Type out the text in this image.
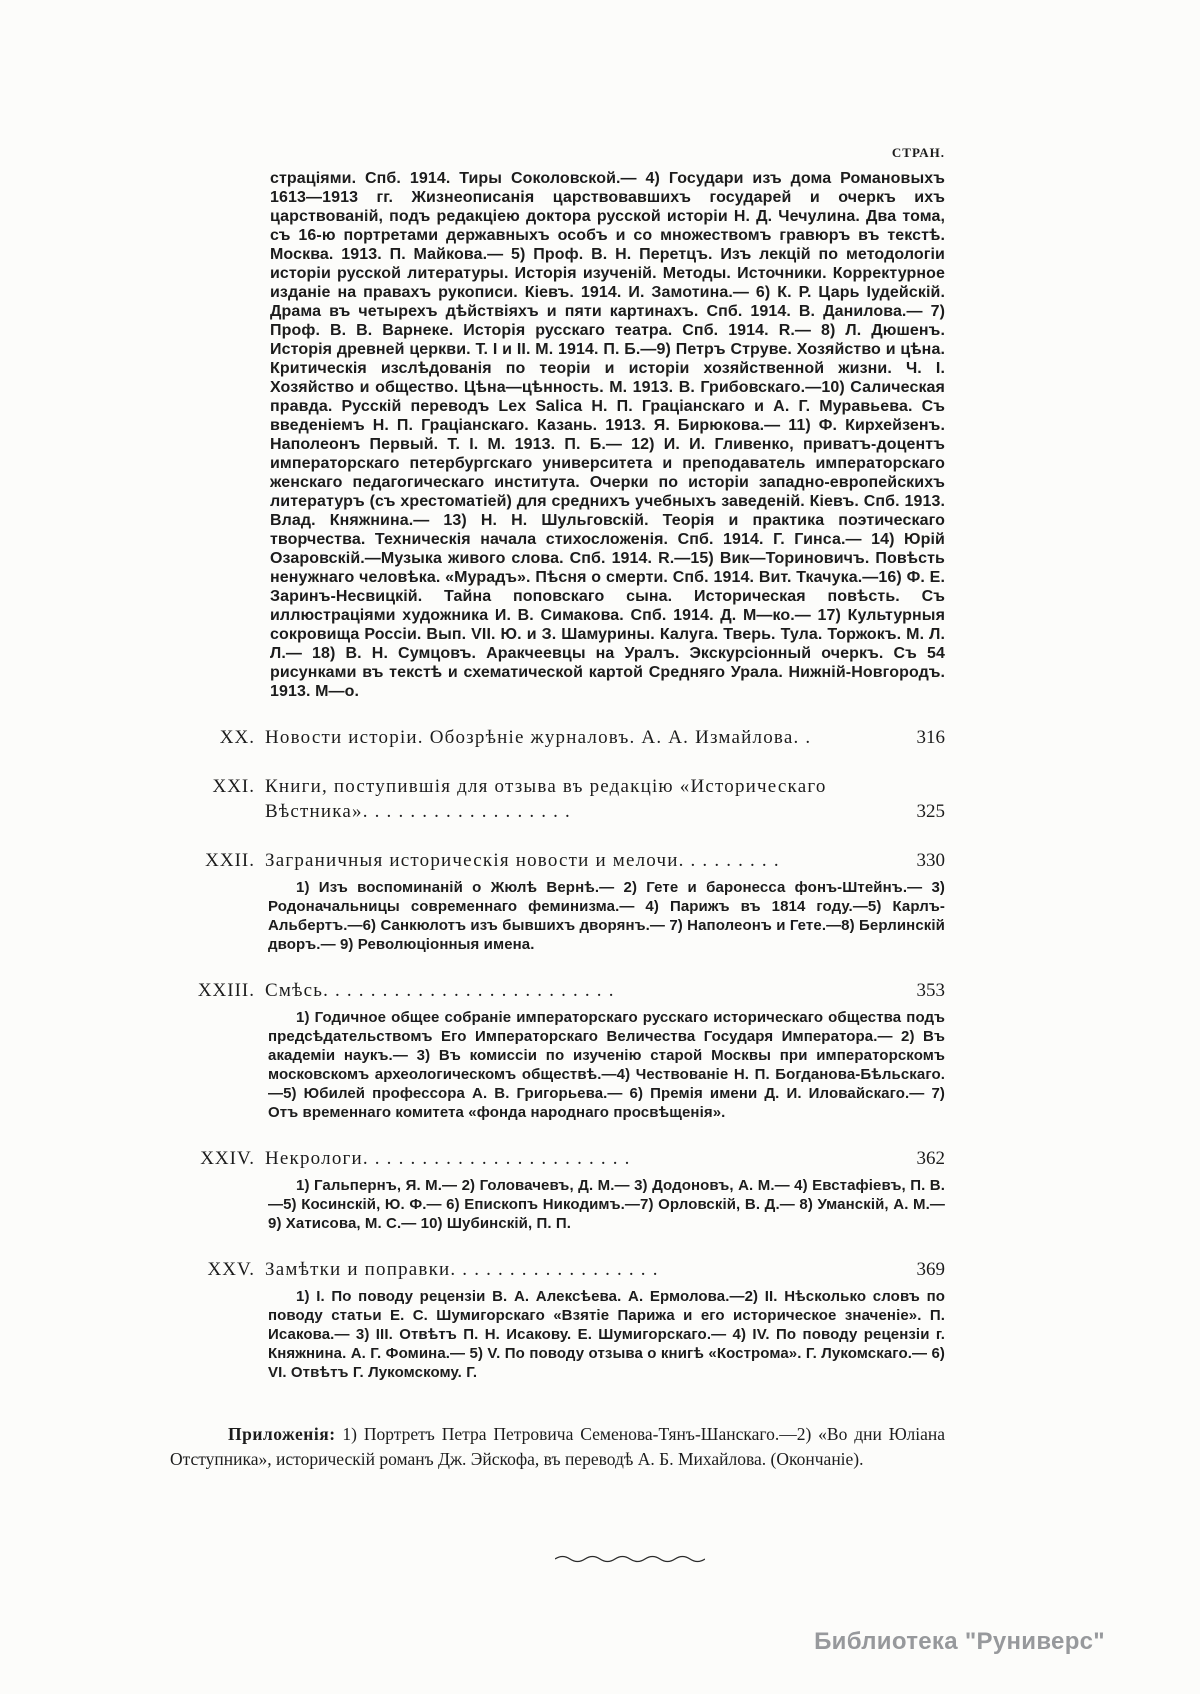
СТРАН.

страціями. Спб. 1914. Тиры Соколовской.— 4) Государи изъ дома Романовыхъ 1613—1913 гг. Жизнеописанія царствовавшихъ государей и очеркъ ихъ царствованій, подъ редакціею доктора русской исторіи Н. Д. Чечулина. Два тома, съ 16-ю портретами державныхъ особъ и со множествомъ гравюръ въ текстѣ. Москва. 1913. П. Майкова.— 5) Проф. В. Н. Перетцъ. Изъ лекцій по методологіи исторіи русской литературы. Исторія изученій. Методы. Источники. Корректурное изданіе на правахъ рукописи. Кіевъ. 1914. И. Замотина.— 6) К. Р. Царь Іудейскій. Драма въ четырехъ дѣйствіяхъ и пяти картинахъ. Спб. 1914. В. Данилова.— 7) Проф. В. В. Варнеке. Исторія русскаго театра. Спб. 1914. R.— 8) Л. Дюшенъ. Исторія древней церкви. Т. I и II. М. 1914. П. Б.—9) Петръ Струве. Хозяйство и цѣна. Критическія изслѣдованія по теоріи и исторіи хозяйственной жизни. Ч. I. Хозяйство и общество. Цѣна—цѣнность. М. 1913. В. Грибовскаго.—10) Салическая правда. Русскій переводъ Lex Salica Н. П. Граціанскаго и А. Г. Муравьева. Съ введеніемъ Н. П. Граціанскаго. Казань. 1913. Я. Бирюкова.— 11) Ф. Кирхейзенъ. Наполеонъ Первый. Т. I. М. 1913. П. Б.— 12) И. И. Гливенко, приватъ-доцентъ императорскаго петербургскаго университета и преподаватель императорскаго женскаго педагогическаго института. Очерки по исторіи западно-европейскихъ литературъ (съ хрестоматіей) для среднихъ учебныхъ заведеній. Кіевъ. Спб. 1913. Влад. Княжнина.— 13) Н. Н. Шульговскій. Теорія и практика поэтическаго творчества. Техническія начала стихосложенія. Спб. 1914. Г. Гинса.— 14) Юрій Озаровскій.—Музыка живого слова. Спб. 1914. R.—15) Вик—Ториновичъ. Повѣсть ненужнаго человѣка. «Мурадъ». Пѣсня о смерти. Спб. 1914. Вит. Ткачука.—16) Ф. Е. Заринъ-Несвицкій. Тайна поповскаго сына. Историческая повѣсть. Съ иллюстраціями художника И. В. Симакова. Спб. 1914. Д. М—ко.— 17) Культурныя сокровища Россіи. Вып. VII. Ю. и З. Шамурины. Калуга. Тверь. Тула. Торжокъ. М. Л. Л.— 18) В. Н. Сумцовъ. Аракчеевцы на Уралъ. Экскурсіонный очеркъ. Съ 54 рисунками въ текстѣ и схематической картой Средняго Урала. Нижній-Новгородъ. 1913. М—о.

XX. Новости исторіи. Обозрѣніе журналовъ. А. А. Измайлова. .	316
XXI. Книги, поступившія для отзыва въ редакцію «Историческаго Вѣстника». . . . . . . . . . . . . . . . . .	325
XXII. Заграничныя историческія новости и мелочи. . . . . . . . .	330
1) Изъ воспоминаній о Жюлѣ Вернѣ.— 2) Гете и баронесса фонъ-Штейнъ.— 3) Родоначальницы современнаго феминизма.— 4) Парижъ въ 1814 году.—5) Карлъ-Альбертъ.—6) Санкюлотъ изъ бывшихъ дворянъ.— 7) Наполеонъ и Гете.—8) Берлинскій дворъ.— 9) Революціонныя имена.
XXIII. Смѣсь. . . . . . . . . . . . . . . . . . . . . . . . .	353
1) Годичное общее собраніе императорскаго русскаго историческаго общества подъ предсѣдательствомъ Его Императорскаго Величества Государя Императора.— 2) Въ академіи наукъ.— 3) Въ комиссіи по изученію старой Москвы при императорскомъ московскомъ археологическомъ обществѣ.—4) Чествованіе Н. П. Богданова-Бѣльскаго.—5) Юбилей профессора А. В. Григорьева.— 6) Премія имени Д. И. Иловайскаго.— 7) Отъ временнаго комитета «фонда народнаго просвѣщенія».
XXIV. Некрологи. . . . . . . . . . . . . . . . . . . . . . .	362
1) Гальпернъ, Я. М.— 2) Головачевъ, Д. М.— 3) Додоновъ, А. М.— 4) Евстафіевъ, П. В.—5) Косинскій, Ю. Ф.— 6) Епископъ Никодимъ.—7) Орловскій, В. Д.— 8) Уманскій, А. М.— 9) Хатисова, М. С.— 10) Шубинскій, П. П.
XXV. Замѣтки и поправки. . . . . . . . . . . . . . . . . .	369
1) I. По поводу рецензіи В. А. Алексѣева. А. Ермолова.—2) II. Нѣсколько словъ по поводу статьи Е. С. Шумигорскаго «Взятіе Парижа и его историческое значеніе». П. Исакова.— 3) III. Отвѣтъ П. Н. Исакову. Е. Шумигорскаго.— 4) IV. По поводу рецензіи г. Княжнина. А. Г. Фомина.— 5) V. По поводу отзыва о книгѣ «Кострома». Г. Лукомскаго.— 6) VI. Отвѣтъ Г. Лукомскому. Г.

Приложенія: 1) Портретъ Петра Петровича Семенова-Тянъ-Шанскаго.—2) «Во дни Юліана Отступника», историческій романъ Дж. Эйскофа, въ переводѣ А. Б. Михайлова. (Окончаніе).

Библиотека "Руниверс"
